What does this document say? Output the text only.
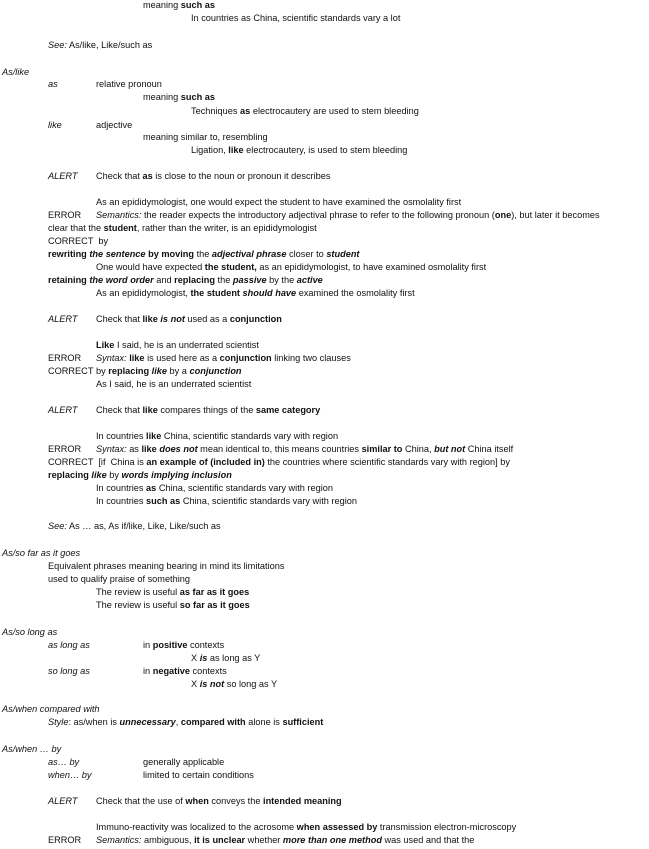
meaning such as
In countries as China, scientific standards vary a lot
See: As/like, Like/such as
As/like
as	relative pronoun
meaning such as
Techniques as electrocautery are used to stem bleeding
like	adjective
meaning similar to, resembling
Ligation, like electrocautery, is used to stem bleeding
ALERT Check that as is close to the noun or pronoun it describes
As an epididymologist, one would expect the student to have examined the osmolality first
ERROR Semantics: the reader expects the introductory adjectival phrase to refer to the following pronoun (one), but later it becomes
clear that the student, rather than the writer, is an epididymologist
CORRECT  by
rewriting the sentence by moving the adjectival phrase closer to student
One would have expected the student, as an epididymologist, to have examined osmolality first
retaining the word order and replacing the passive by the active
As an epididymologist, the student should have examined the osmolality first
ALERT Check that like is not used as a conjunction
Like I said, he is an underrated scientist
ERROR Syntax: like is used here as a conjunction linking two clauses
CORRECT by replacing like by a conjunction
As I said, he is an underrated scientist
ALERT Check that like compares things of the same category
In countries like China, scientific standards vary with region
ERROR Syntax: as like does not mean identical to, this means countries similar to China, but not China itself
CORRECT  [if  China is an example of (included in) the countries where scientific standards vary with region] by
replacing like by words implying inclusion
In countries as China, scientific standards vary with region
In countries such as China, scientific standards vary with region
See: As … as, As if/like, Like, Like/such as
As/so far as it goes
Equivalent phrases meaning bearing in mind its limitations
used to qualify praise of something
The review is useful as far as it goes
The review is useful so far as it goes
As/so long as
as long as	in positive contexts
X is as long as Y
so long as	in negative contexts
X is not so long as Y
As/when compared with
Style: as/when is unnecessary, compared with alone is sufficient
As/when … by
as… by	generally applicable
when… by	limited to certain conditions
ALERT Check that the use of when conveys the intended meaning
Immuno-reactivity was localized to the acrosome when assessed by transmission electron-microscopy
ERROR Semantics: ambiguous, it is unclear whether more than one method was used and that the
